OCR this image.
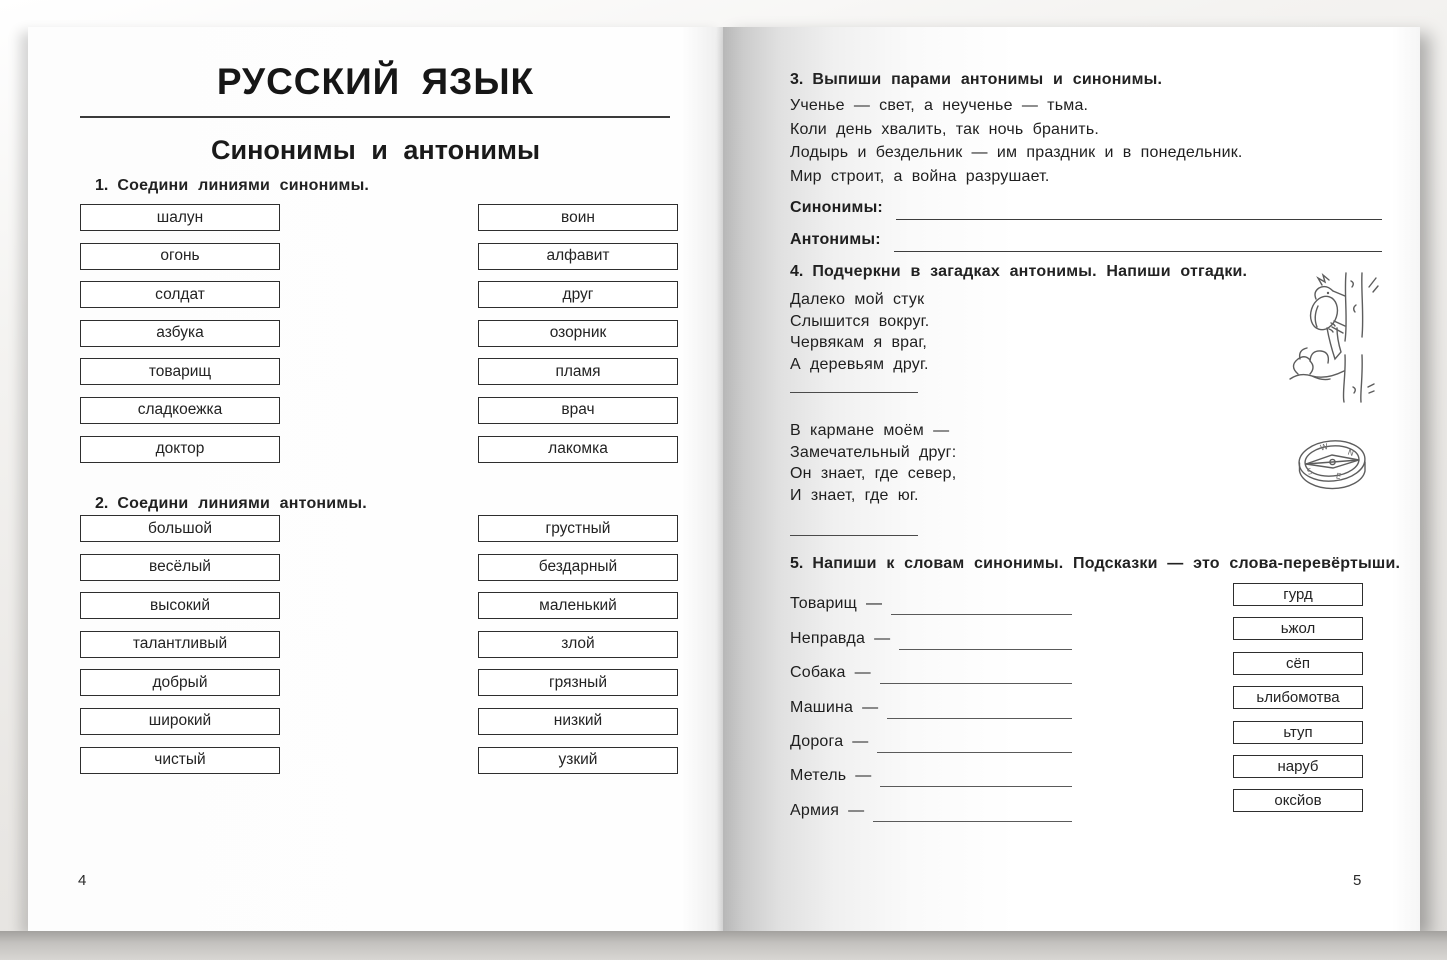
РУССКИЙ ЯЗЫК
Синонимы и антонимы
1. Соедини линиями синонимы.
шалун
огонь
солдат
азбука
товарищ
сладкоежка
доктор
воин
алфавит
друг
озорник
пламя
врач
лакомка
2. Соедини линиями антонимы.
большой
весёлый
высокий
талантливый
добрый
широкий
чистый
грустный
бездарный
маленький
злой
грязный
низкий
узкий
4
3. Выпиши парами антонимы и синонимы.
Ученье — свет, а неученье — тьма.
Коли день хвалить, так ночь бранить.
Лодырь и бездельник — им праздник и в понедельник.
Мир строит, а война разрушает.
Синонимы:
Антонимы:
4. Подчеркни в загадках антонимы. Напиши отгадки.
Далеко мой стук
Слышится вокруг.
Червякам я враг,
А деревьям друг.
В кармане моём —
Замечательный друг:
Он знает, где север,
И знает, где юг.
W
N
S	E
5. Напиши к словам синонимы. Подсказки — это слова-перевёртыши.
Товарищ —
Неправда —
Собака —
Машина —
Дорога —
Метель —
Армия —
гурд
ьжол
сёп
ьлибомотва
ьтуп
наруб
оксйов
5
